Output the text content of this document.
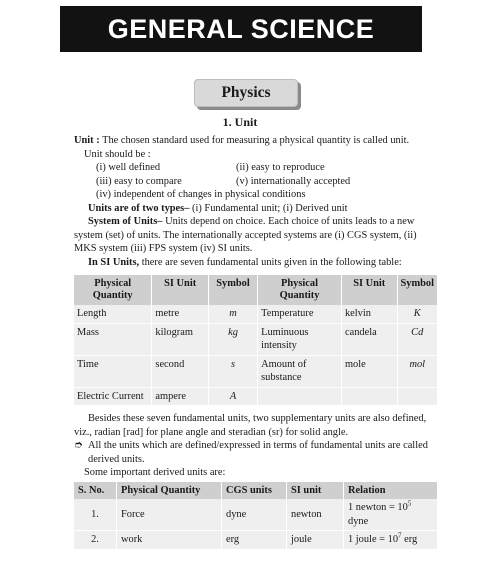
GENERAL SCIENCE
Physics
1. Unit

Unit : The chosen standard used for measuring a physical quantity is called unit.

Unit should be :

(i) well defined	(ii) easy to reproduce
(iii) easy to compare	(v) internationally accepted

(iv) independent of changes in physical conditions

Units are of two types– (i) Fundamental unit; (i) Derived unit

System of Units– Units depend on choice. Each choice of units leads to a new system (set) of units. The internationally accepted systems are (i) CGS system, (ii) MKS system (iii) FPS system (iv) SI units.

In SI Units, there are seven fundamental units given in the following table:

Physical Quantity	SI Unit	Symbol	Physical Quantity	SI Unit	Symbol
Length	metre	m	Temperature	kelvin	K
Mass	kilogram	kg	Luminuous intensity	candela	Cd
Time	second	s	Amount of substance	mole	mol
Electric Current	ampere	A			

Besides these seven fundamental units, two supplementary units are also defined, viz., radian [rad] for plane angle and steradian (sr) for solid angle.

➮ All the units which are defined/expressed in terms of fundamental units are called derived units.

Some important derived units are:

S. No.	Physical Quantity	CGS units	SI unit	Relation
1.	Force	dyne	newton	1 newton = $10^5$ dyne
2.	work	erg	joule	1 joule = $10^7$ erg
